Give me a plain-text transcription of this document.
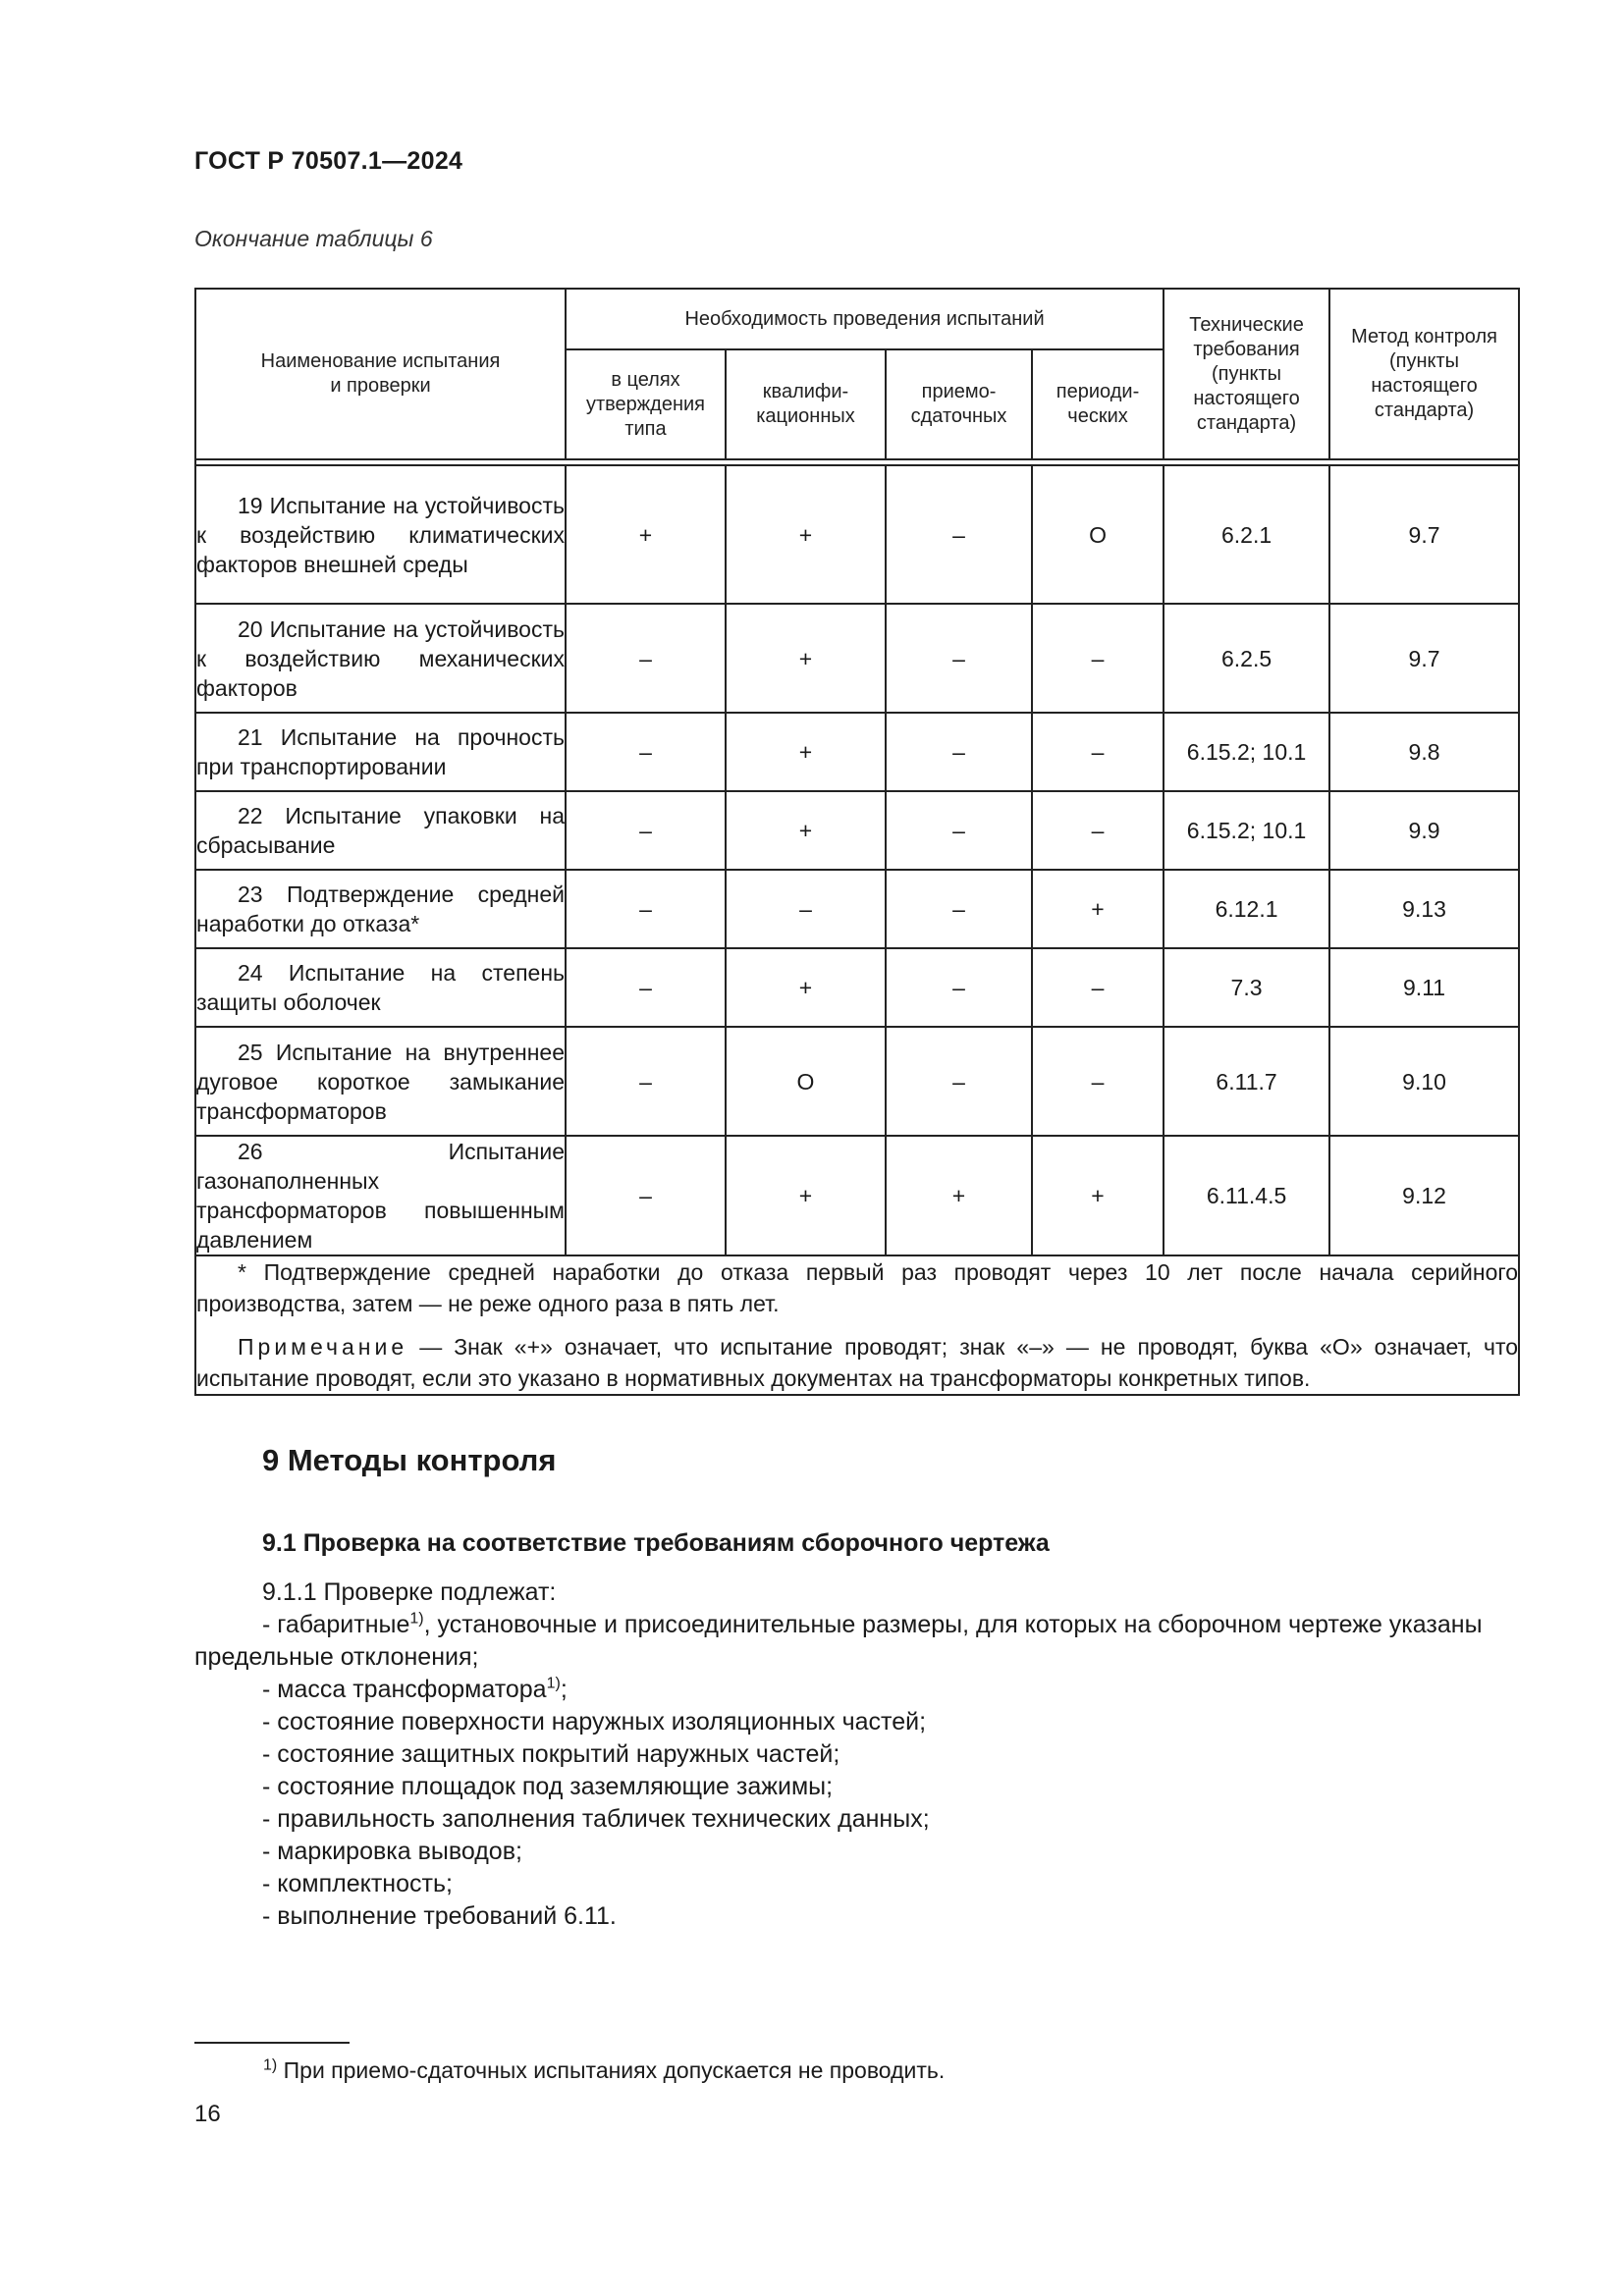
ГОСТ Р 70507.1—2024
Окончание таблицы 6
Наименование испытания и проверки	Необходимость проведения испытаний				Технические требования (пункты настоящего стандарта)	Метод контроля (пункты настоящего стандарта)
	в целях утверждения типа	квалифи- кационных	приемо- сдаточных	периоди- ческих		

19 Испытание на устойчивость к воздействию климатических факторов внешней среды	+	+	–	О	6.2.1	9.7

20 Испытание на устойчивость к воздействию механических факторов	–	+	–	–	6.2.5	9.7

21 Испытание на прочность при транспортировании	–	+	–	–	6.15.2; 10.1	9.8

22 Испытание упаковки на сбрасывание	–	+	–	–	6.15.2; 10.1	9.9

23 Подтверждение средней наработки до отказа*	–	–	–	+	6.12.1	9.13

24 Испытание на степень защиты оболочек	–	+	–	–	7.3	9.11

25 Испытание на внутреннее дуговое короткое замыкание трансформаторов	–	О	–	–	6.11.7	9.10

26 Испытание газонаполненных трансформаторов повышенным давлением	–	+	+	+	6.11.4.5	9.12

* Подтверждение средней наработки до отказа первый раз проводят через 10 лет после начала серийного производства, затем — не реже одного раза в пять лет.

Примечание — Знак «+» означает, что испытание проводят; знак «–» — не проводят, буква «О» означает, что испытание проводят, если это указано в нормативных документах на трансформаторы конкретных типов.						

9 Методы контроля
9.1 Проверка на соответствие требованиям сборочного чертежа
9.1.1 Проверке подлежат:
- габаритные$^{1)}$, установочные и присоединительные размеры, для которых на сборочном чертеже указаны предельные отклонения;
- масса трансформатора$^{1)}$;
- состояние поверхности наружных изоляционных частей;
- состояние защитных покрытий наружных частей;
- состояние площадок под заземляющие зажимы;
- правильность заполнения табличек технических данных;
- маркировка выводов;
- комплектность;
- выполнение требований 6.11.
$^{1)}$ При приемо-сдаточных испытаниях допускается не проводить.
16
